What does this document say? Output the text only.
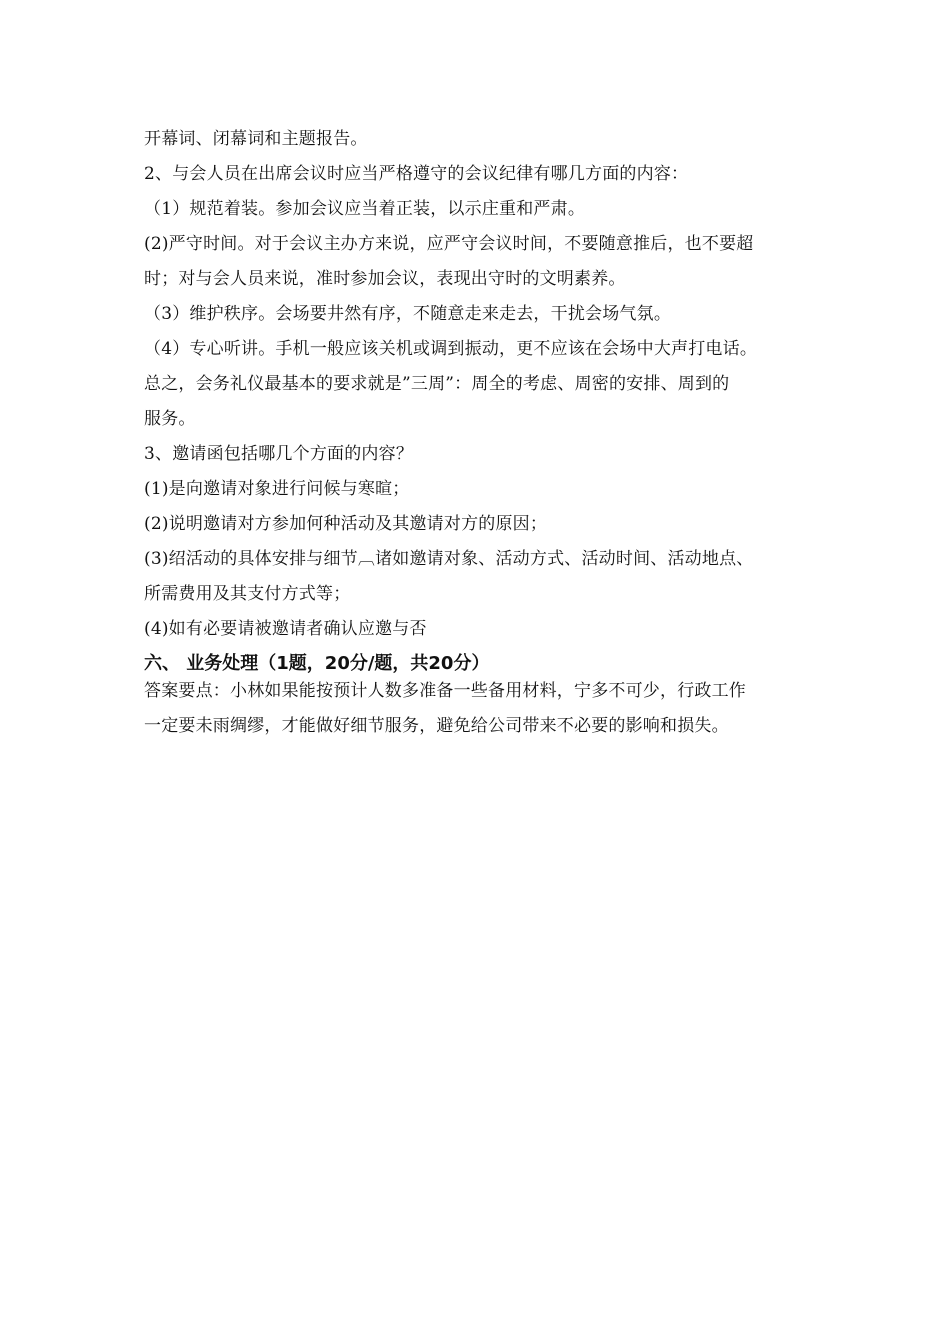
开幕词、闭幕词和主题报告。
2、与会人员在出席会议时应当严格遵守的会议纪律有哪几方面的内容：
（1）规范着装。参加会议应当着正装，以示庄重和严肃。
(2)严守时间。对于会议主办方来说，应严守会议时间，不要随意推后，也不要超
时；对与会人员来说，准时参加会议，表现出守时的文明素养。
（3）维护秩序。会场要井然有序，不随意走来走去，干扰会场气氛。
（4）专心听讲。手机一般应该关机或调到振动，更不应该在会场中大声打电话。
总之，会务礼仪最基本的要求就是”三周”：周全的考虑、周密的安排、周到的
服务。
3、邀请函包括哪几个方面的内容？
(1)是向邀请对象进行问候与寒暄；
(2)说明邀请对方参加何种活动及其邀请对方的原因；
(3)绍活动的具体安排与细节︹诸如邀请对象、活动方式、活动时间、活动地点、
所需费用及其支付方式等；
(4)如有必要请被邀请者确认应邀与否
六、 业务处理（1题，20分/题，共20分）
答案要点：小林如果能按预计人数多准备一些备用材料，宁多不可少，行政工作
一定要未雨绸缪，才能做好细节服务，避免给公司带来不必要的影响和损失。
